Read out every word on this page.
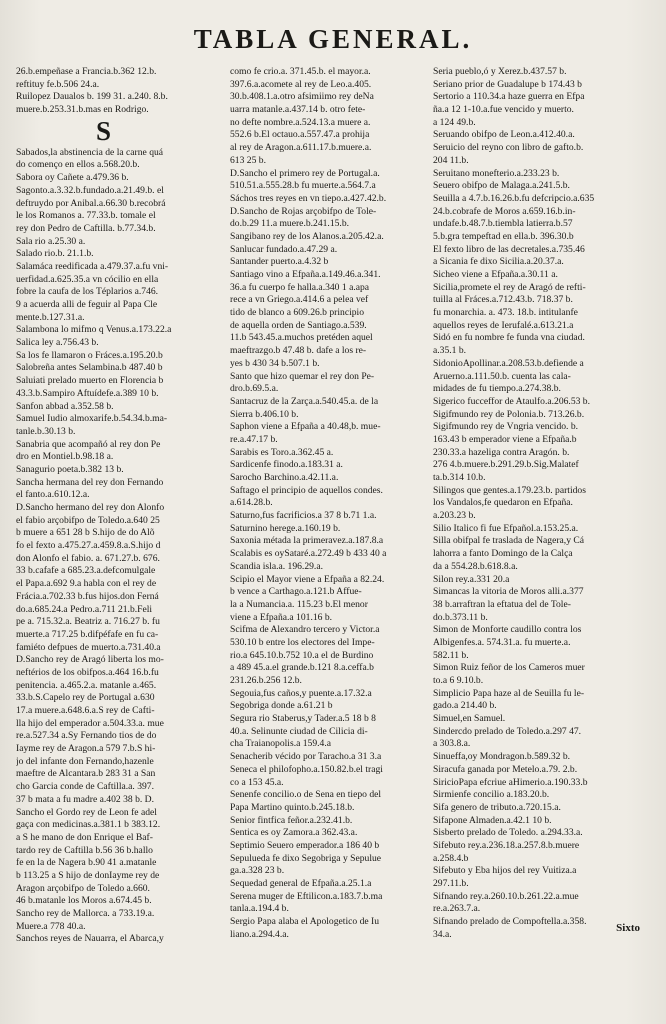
TABLA GENERAL.
26.b.empeñase a Francia.b.362 12.b.
reftituy fe.b.506 24.a.
Ruilopez Daualos b. 199 31. a.240. 8.b.
muere.b.253.31.b.mas en Rodrigo.
S
Sabados,la abstinencia de la carne quá
do començo en ellos a.568.20.b.
Sabora oy Cañete a.479.36 b.
Sagonto.a.3.32.b.fundado.a.21.49.b. el
deftruydo por Anibal.a.66.30 b.recobrá
le los Romanos a. 77.33.b. tomale el
rey don Pedro de Caftilla. b.77.34.b.
Sala rio a.25.30 a.
Salado rio.b. 21.1.b.
Salamáca reedificada a.479.37.a.fu vni-
uerfidad.a.625.35.a vn cócilio en ella
fobre la caufa de los Téplarios a.746.
9 a acuerda alli de feguir al Papa Cle
mente.b.127.31.a.
Salambona lo mifmo q Venus.a.173.22.a
Salica ley a.756.43 b.
Sa los fe llamaron o Fráces.a.195.20.b
Salobreña antes Selambina.b 487.40 b
Saluiati prelado muerto en Florencia b
43.3.b.Sampiro Aftuídefe.a.389 10 b.
Sanfon abbad a.352.58 b.
Samuel Iudio almoxarife.b.54.34.b.ma-
tanle.b.30.13 b.
Sanabria que acompañó al rey don Pe
dro en Montiel.b.98.18 a.
Sanagurio poeta.b.382 13 b.
Sancha hermana del rey don Fernando
el fanto.a.610.12.a.
D.Sancho hermano del rey don Alonfo
el fabio arçobifpo de Toledo.a.640 25
b muere a 651 28 b S.hijo de do Alõ
fo el fexto a.475.27.a.459.8.a.S.hijo d
don Alonfo el fabio. a. 671.27.b. 676.
33 b.cafafe a 685.23.a.defcomulgale
el Papa.a.692 9.a habla con el rey de
Frácia.a.702.33 b.fus hijos.don Ferná
do.a.685.24.a Pedro.a.711 21.b.Feli
pe a. 715.32.a. Beatriz a. 716.27 b. fu
muerte.a 717.25 b.difpéfafe en fu ca-
famiéto defpues de muerto.a.731.40.a
D.Sancho rey de Aragó liberta los mo-
neftérios de los obifpos.a.464 16.b.fu
penitencia. a.465.2.a. matanle a.465.
33.b.S.Capelo rey de Portugal a.630
17.a muere.a.648.6.a.S rey de Cafti-
lla hijo del emperador a.504.33.a. mue
re.a.527.34 a.Sy Fernando tios de do
Iayme rey de Aragon.a 579 7.b.S hi-
jo del infante don Fernando,hazenle
maeftre de Alcantara.b 283 31 a San
cho Garcia conde de Caftilla.a. 397.
37 b mata a fu madre a.402 38 b. D.
Sancho el Gordo rey de Leon fe adel
gaça con medicinas.a.381.1 b 383.12.
a S he mano de don Enrique el Baf-
tardo rey de Caftilla b.56 36 b.hallo
fe en la de Nagera b.90 41 a.matanle
b 113.25 a S hijo de donIayme rey de
Aragon arçobifpo de Toledo a.660.
46 b.matanle los Moros a.674.45 b.
Sancho rey de Mallorca. a 733.19.a.
Muere.a 778 40.a.
Sanchos reyes de Nauarra, el Abarca,y
como fe crio.a. 371.45.b. el mayor.a.
397.6.a.acomete al rey de Leo.a.405.
30.b.408.1.a.otro afsimiimo rey deNa
uarra matanle.a.437.14 b. otro fete-
no defte nombre.a.524.13.a muere a.
552.6 b.El octauo.a.557.47.a prohija
al rey de Aragon.a.611.17.b.muere.a.
613 25 b.
D.Sancho el primero rey de Portugal.a.
510.51.a.555.28.b fu muerte.a.564.7.a
Sáchos tres reyes en vn tiepo.a.427.42.b.
D.Sancho de Rojas arçobifpo de Tole-
do.b.29 11.a muere.b.241.15.b.
Sangibano rey de los Alanos.a.205.42.a.
Sanlucar fundado.a.47.29 a.
Santander puerto.a.4.32 b
Santiago vino a Efpaña.a.149.46.a.341.
36.a fu cuerpo fe halla.a.340 1 a.apa
rece a vn Griego.a.414.6 a pelea vef
tido de blanco a 609.26.b principio
de aquella orden de Santiago.a.539.
11.b 543.45.a.muchos pretéden aquel
maeftrazgo.b 47.48 b. dafe a los re-
yes b 430 34 b.507.1 b.
Santo que hizo quemar el rey don Pe-
dro.b.69.5.a.
Santacruz de la Zarça.a.540.45.a. de la
Sierra b.406.10 b.
Saphon viene a Efpaña a 40.48,b. mue-
re.a.47.17 b.
Sarabis es Toro.a.362.45 a.
Sardicenfe finodo.a.183.31 a.
Sarocho Barchino.a.42.11.a.
Saftago el principio de aquellos condes.
a.614.28.b.
Saturno,fus facrificios.a 37 8 b.71 1.a.
Saturnino herege.a.160.19 b.
Saxonia métada la primeravez.a.187.8.a
Scalabis es oySataré.a.272.49 b 433 40 a
Scandia isla.a. 196.29.a.
Scipio el Mayor viene a Efpaña a 82.24.
b vence a Carthago.a.121.b Affue-
la a Numancia.a. 115.23 b.El menor
viene a Efpaña.a 101.16 b.
Scifma de Alexandro tercero y Victor.a
530.10 b entre los electores del Impe-
rio.a 645.10.b.752 10.a el de Burdino
a 489 45.a.el grande.b.121 8.a.ceffa.b
231.26.b.256 12.b.
Segouia,fus caños,y puente.a.17.32.a
Segobriga donde a.61.21 b
Segura rio Staberus,y Tader.a.5 18 b 8
40.a. Selinunte ciudad de Cilicia di-
cha Traianopolis.a 159.4.a
Senacherib vécido por Taracho.a 31 3.a
Seneca el philofopho.a.150.82.b.el tragi
co a 153 45.a.
Senenfe concilio.o de Sena en tiepo del
Papa Martino quinto.b.245.18.b.
Senior fintfica feñor.a.232.41.b.
Sentica es oy Zamora.a 362.43.a.
Septimio Seuero emperador.a 186 40 b
Sepulueda fe dixo Segobriga y Sepulue
ga.a.328 23 b.
Sequedad general de Efpaña.a.25.1.a
Serena muger de Eftilicon.a.183.7.b.ma
tanla.a.194.4 b.
Sergio Papa alaba el Apologetico de Iu
liano.a.294.4.a.
Seria pueblo,ó y Xerez.b.437.57 b.
Seriano prior de Guadalupe b 174.43 b
Sertorio a 110.34.a haze guerra en Efpa
ña.a 12 1-10.a.fue vencido y muerto.
a 124 49.b.
Seruando obifpo de Leon.a.412.40.a.
Seruicio del reyno con libro de gafto.b.
204 11.b.
Seruitano monefterio.a.233.23 b.
Seuero obifpo de Malaga.a.241.5.b.
Seuilla a 4.7.b.16.26.b.fu defcripcio.a.635
24.b.cobrafe de Moros a.659.16.b.in-
undafe.b.48.7.b.tiembla latierra.b.57
5.b.gra tempeftad en ella.b. 396.30.b
El fexto libro de las decretales.a.735.46
a Sicania fe dixo Sicilia.a.20.37.a.
Sicheo viene a Efpaña.a.30.11 a.
Sicilia,promete el rey de Aragó de refti-
tuilla al Fráces.a.712.43.b. 718.37 b.
fu monarchia. a. 473. 18.b. intitulanfe
aquellos reyes de Ierufalé.a.613.21.a
Sidó en fu nombre fe funda vna ciudad.
a.35.1 b.
SidonioApollinar.a.208.53.b.defiende a
Aruerno.a.111.50.b. cuenta las cala-
midades de fu tiempo.a.274.38.b.
Sigerico fucceffor de Ataulfo.a.206.53 b.
Sigifmundo rey de Polonia.b. 713.26.b.
Sigifmundo rey de Vngria vencido. b.
163.43 b emperador viene a Efpaña.b
230.33.a hazeliga contra Aragón. b.
276 4.b.muere.b.291.29.b.Sig.Malatef
ta.b.314 10.b.
Silingos que gentes.a.179.23.b. partidos
los Vandalos,fe quedaron en Efpaña.
a.203.23 b.
Silio Italico fi fue Efpañol.a.153.25.a.
Silla obifpal fe traslada de Nagera,y Cá
lahorra a fanto Domingo de la Calça
da a 554.28.b.618.8.a.
Silon rey.a.331 20.a
Simancas la vitoria de Moros alli.a.377
38 b.arraftran la eftatua del de Tole-
do.b.373.11 b.
Simon de Monforte caudillo contra los
Albigenfes.a. 574.31.a. fu muerte.a.
582.11 b.
Simon Ruiz feñor de los Cameros muer
to.a 6 9.10.b.
Simplicio Papa haze al de Seuilla fu le-
gado.a 214.40 b.
Simuel,en Samuel.
Sindercdo prelado de Toledo.a.297 47.
a 303.8.a.
Sinueffa,oy Mondragon.b.589.32 b.
Siracufa ganada por Metelo.a.79. 2.b.
SiricioPapa efcriue aHimerio.a.190.33.b
Sirmienfe concilio a.183.20.b.
Sifa genero de tributo.a.720.15.a.
Sifapone Almaden.a.42.1 10 b.
Sisberto prelado de Toledo. a.294.33.a.
Sifebuto rey.a.236.18.a.257.8.b.muere
a.258.4.b
Sifebuto y Eba hijos del rey Vuitiza.a
297.11.b.
Sifnando rey.a.260.10.b.261.22.a.mue
re.a.263.7.a.
Sifnando prelado de Compoftella.a.358.
34.a.
Sixto
